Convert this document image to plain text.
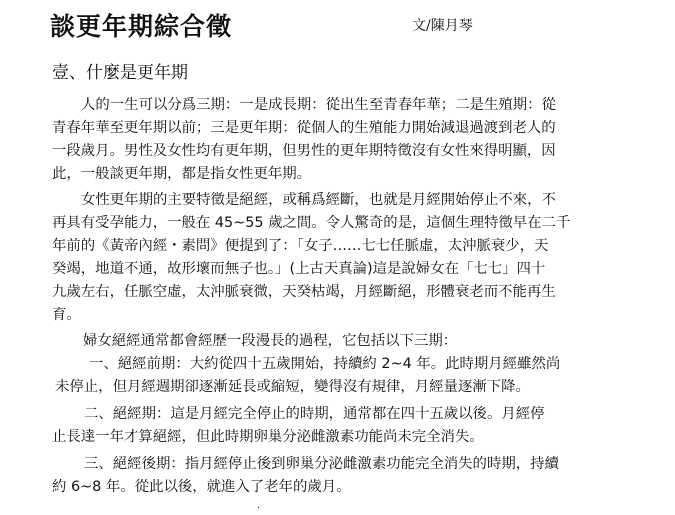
談更年期綜合徵	文/陳月琴
壹、什麼是更年期
人的一生可以分爲三期：一是成長期：從出生至青春年華；二是生殖期：從
青春年華至更年期以前；三是更年期：從個人的生殖能力開始減退過渡到老人的
一段歲月。男性及女性均有更年期，但男性的更年期特徵沒有女性來得明顯，因
此，一般談更年期，都是指女性更年期。
女性更年期的主要特徵是絕經，或稱爲經斷，也就是月經開始停止不來，不
再具有受孕能力，一般在 45~55 歲之間。令人驚奇的是，這個生理特徵早在二千
年前的《黃帝內經・素問》便提到了：「女子……七七任脈虛，太沖脈衰少，天
癸竭，地道不通，故形壞而無子也。」(上古天真論)這是說婦女在「七七」四十
九歲左右，任脈空虛，太沖脈衰微，天癸枯竭，月經斷絕，形體衰老而不能再生
育。
婦女絕經通常都會經歷一段漫長的過程，它包括以下三期：
一、絕經前期：大約從四十五歲開始，持續約 2~4 年。此時期月經雖然尚
未停止，但月經週期卻逐漸延長或縮短，變得沒有規律，月經量逐漸下降。
二、絕經期：這是月經完全停止的時期，通常都在四十五歲以後。月經停
止長達一年才算絕經，但此時期卵巢分泌雌激素功能尚未完全消失。
三、絕經後期：指月經停止後到卵巢分泌雌激素功能完全消失的時期，持續
約 6~8 年。從此以後，就進入了老年的歲月。
.
